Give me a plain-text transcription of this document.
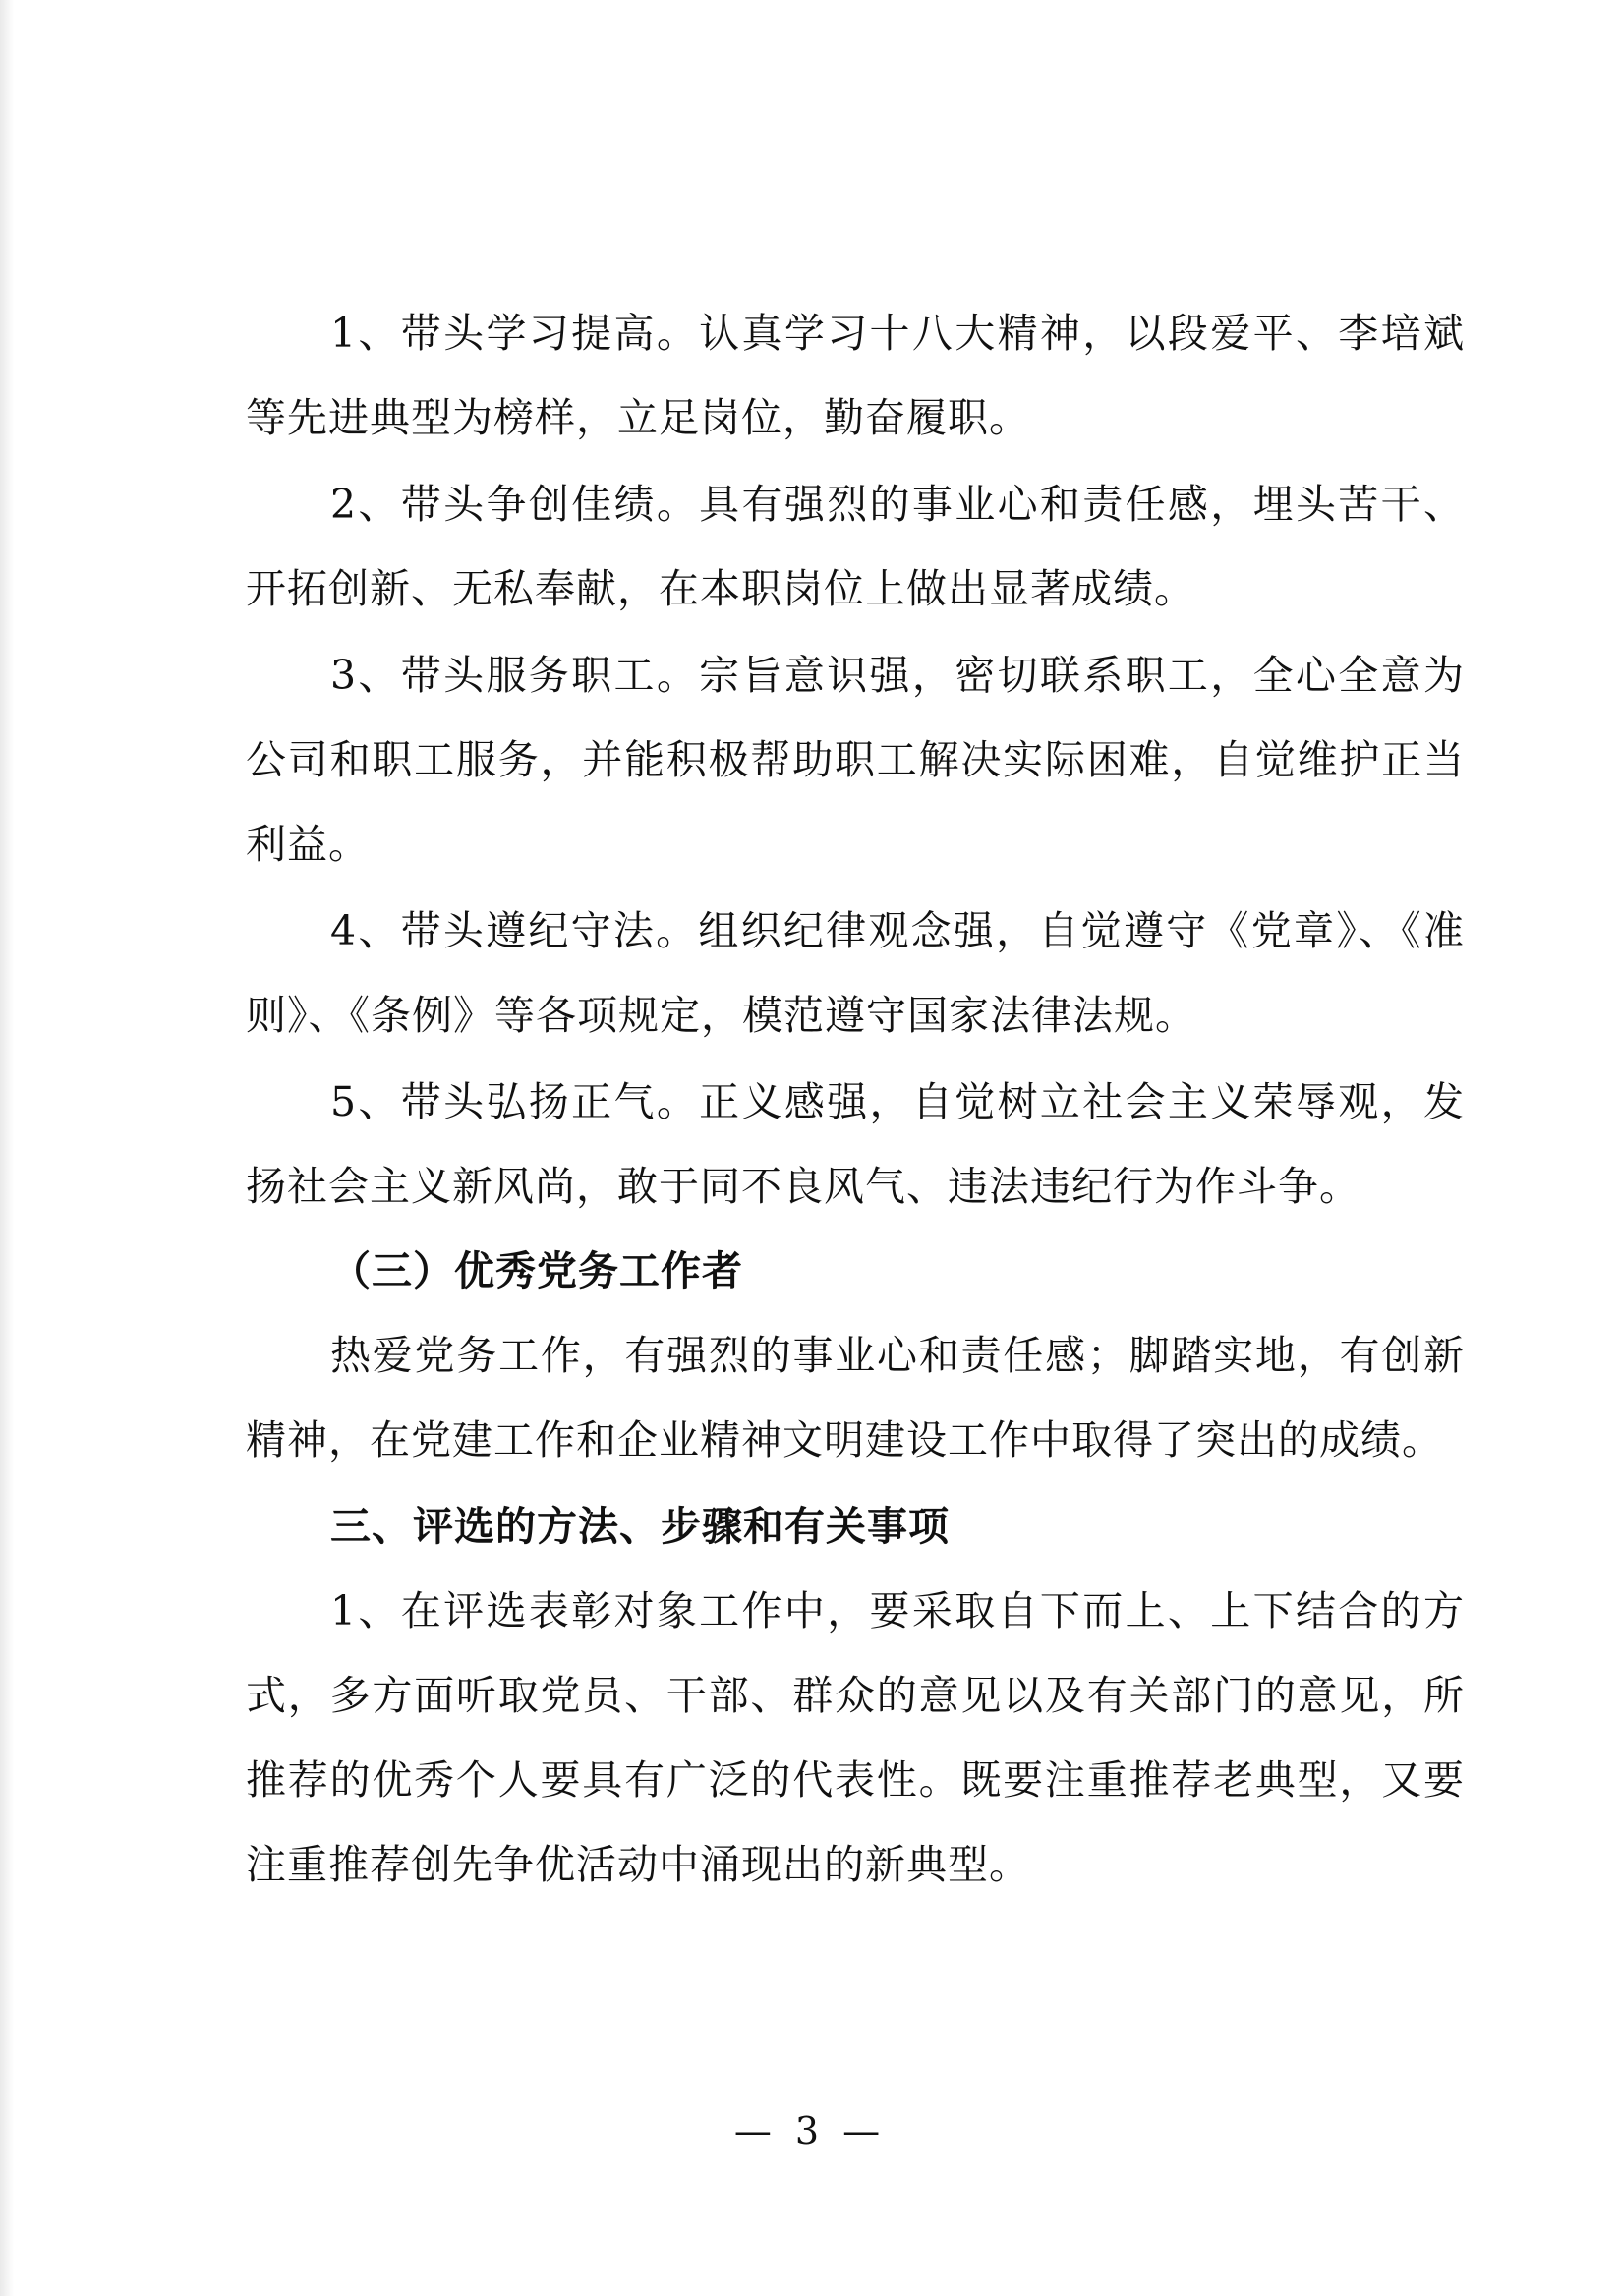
1、带头学习提高。认真学习十八大精神，以段爱平、李培斌等先进典型为榜样，立足岗位，勤奋履职。

2、带头争创佳绩。具有强烈的事业心和责任感，埋头苦干、开拓创新、无私奉献，在本职岗位上做出显著成绩。

3、带头服务职工。宗旨意识强，密切联系职工，全心全意为公司和职工服务，并能积极帮助职工解决实际困难，自觉维护正当利益。

4、带头遵纪守法。组织纪律观念强，自觉遵守《党章》、《准则》、《条例》等各项规定，模范遵守国家法律法规。

5、带头弘扬正气。正义感强，自觉树立社会主义荣辱观，发扬社会主义新风尚，敢于同不良风气、违法违纪行为作斗争。

（三）优秀党务工作者

热爱党务工作，有强烈的事业心和责任感；脚踏实地，有创新精神，在党建工作和企业精神文明建设工作中取得了突出的成绩。

三、评选的方法、步骤和有关事项

1、在评选表彰对象工作中，要采取自下而上、上下结合的方式，多方面听取党员、干部、群众的意见以及有关部门的意见，所推荐的优秀个人要具有广泛的代表性。既要注重推荐老典型，又要注重推荐创先争优活动中涌现出的新典型。

— 3 —
